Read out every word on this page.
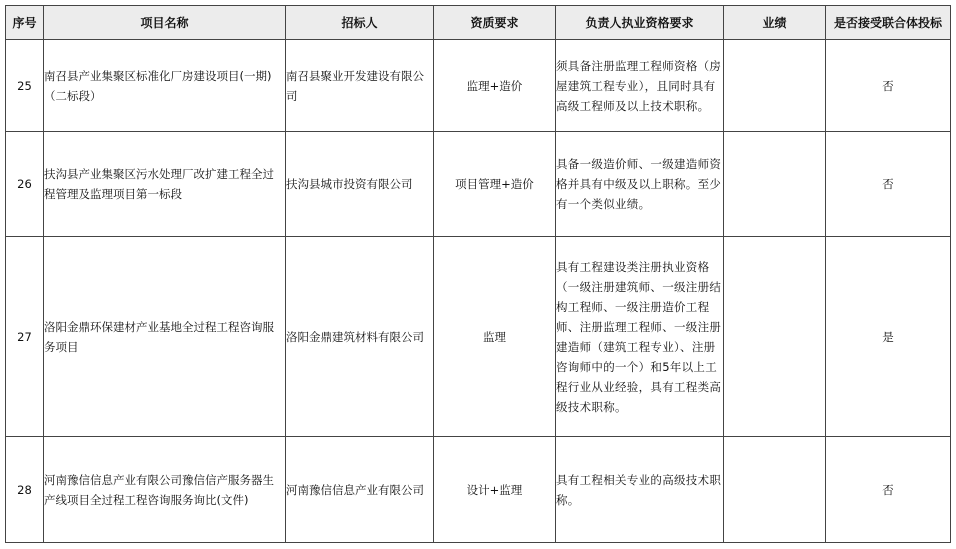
序号	项目名称	招标人	资质要求	负责人执业资格要求	业绩	是否接受联合体投标
25	南召县产业集聚区标准化厂房建设项目(一期)（二标段）	南召县聚业开发建设有限公司	监理+造价	须具备注册监理工程师资格（房屋建筑工程专业），且同时具有高级工程师及以上技术职称。		否
26	扶沟县产业集聚区污水处理厂改扩建工程全过程管理及监理项目第一标段	扶沟县城市投资有限公司	项目管理+造价	具备一级造价师、一级建造师资格并具有中级及以上职称。至少有一个类似业绩。		否
27	洛阳金鼎环保建材产业基地全过程工程咨询服务项目	洛阳金鼎建筑材料有限公司	监理	具有工程建设类注册执业资格（一级注册建筑师、一级注册结构工程师、一级注册造价工程师、注册监理工程师、一级注册建造师（建筑工程专业）、注册咨询师中的一个）和5年以上工程行业从业经验，具有工程类高级技术职称。		是
28	河南豫信信息产业有限公司豫信信产服务器生产线项目全过程工程咨询服务询比(文件)	河南豫信信息产业有限公司	设计+监理	具有工程相关专业的高级技术职称。		否
